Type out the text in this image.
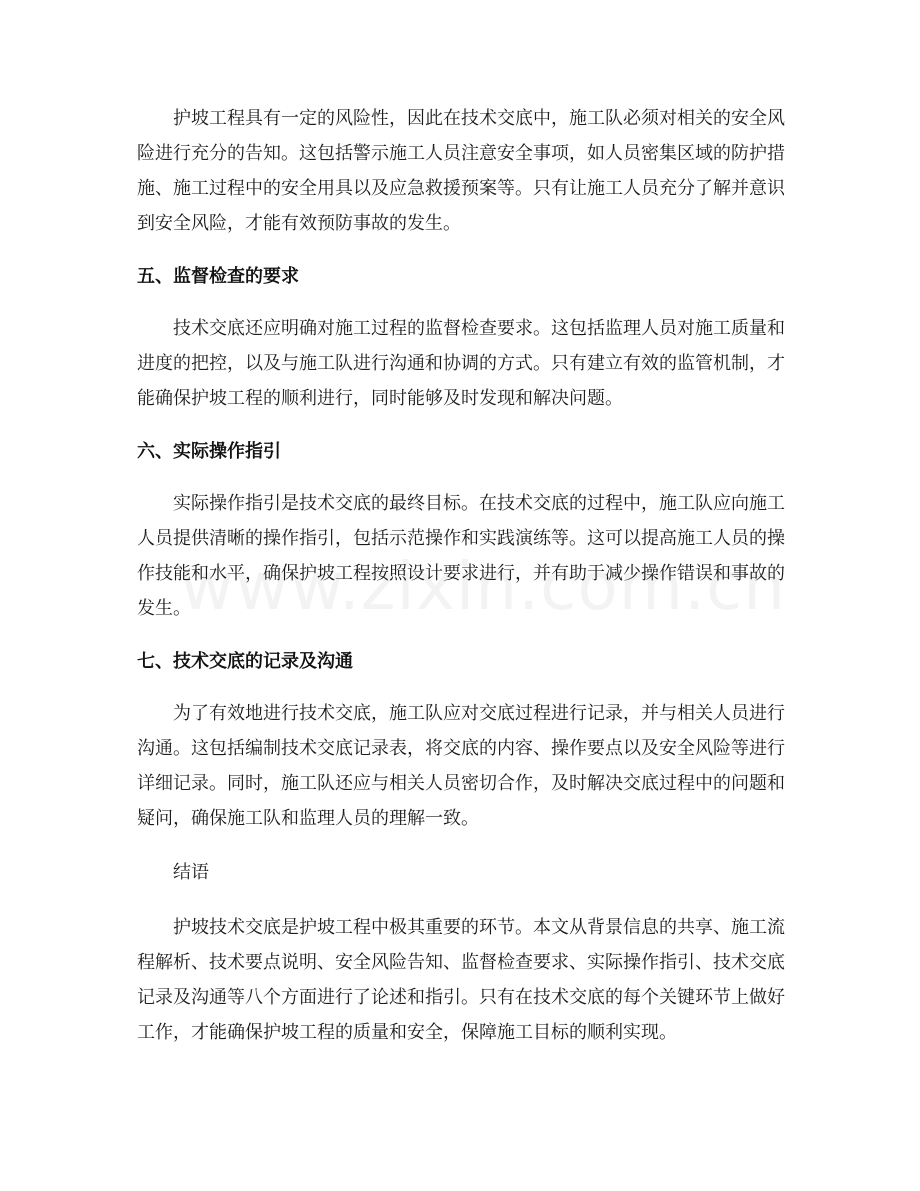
护坡工程具有一定的风险性，因此在技术交底中，施工队必须对相关的安全风险进行充分的告知。这包括警示施工人员注意安全事项，如人员密集区域的防护措施、施工过程中的安全用具以及应急救援预案等。只有让施工人员充分了解并意识到安全风险，才能有效预防事故的发生。

五、监督检查的要求

技术交底还应明确对施工过程的监督检查要求。这包括监理人员对施工质量和进度的把控，以及与施工队进行沟通和协调的方式。只有建立有效的监管机制，才能确保护坡工程的顺利进行，同时能够及时发现和解决问题。

六、实际操作指引

实际操作指引是技术交底的最终目标。在技术交底的过程中，施工队应向施工人员提供清晰的操作指引，包括示范操作和实践演练等。这可以提高施工人员的操作技能和水平，确保护坡工程按照设计要求进行，并有助于减少操作错误和事故的发生。

七、技术交底的记录及沟通

为了有效地进行技术交底，施工队应对交底过程进行记录，并与相关人员进行沟通。这包括编制技术交底记录表，将交底的内容、操作要点以及安全风险等进行详细记录。同时，施工队还应与相关人员密切合作，及时解决交底过程中的问题和疑问，确保施工队和监理人员的理解一致。

结语

护坡技术交底是护坡工程中极其重要的环节。本文从背景信息的共享、施工流程解析、技术要点说明、安全风险告知、监督检查要求、实际操作指引、技术交底记录及沟通等八个方面进行了论述和指引。只有在技术交底的每个关键环节上做好工作，才能确保护坡工程的质量和安全，保障施工目标的顺利实现。
